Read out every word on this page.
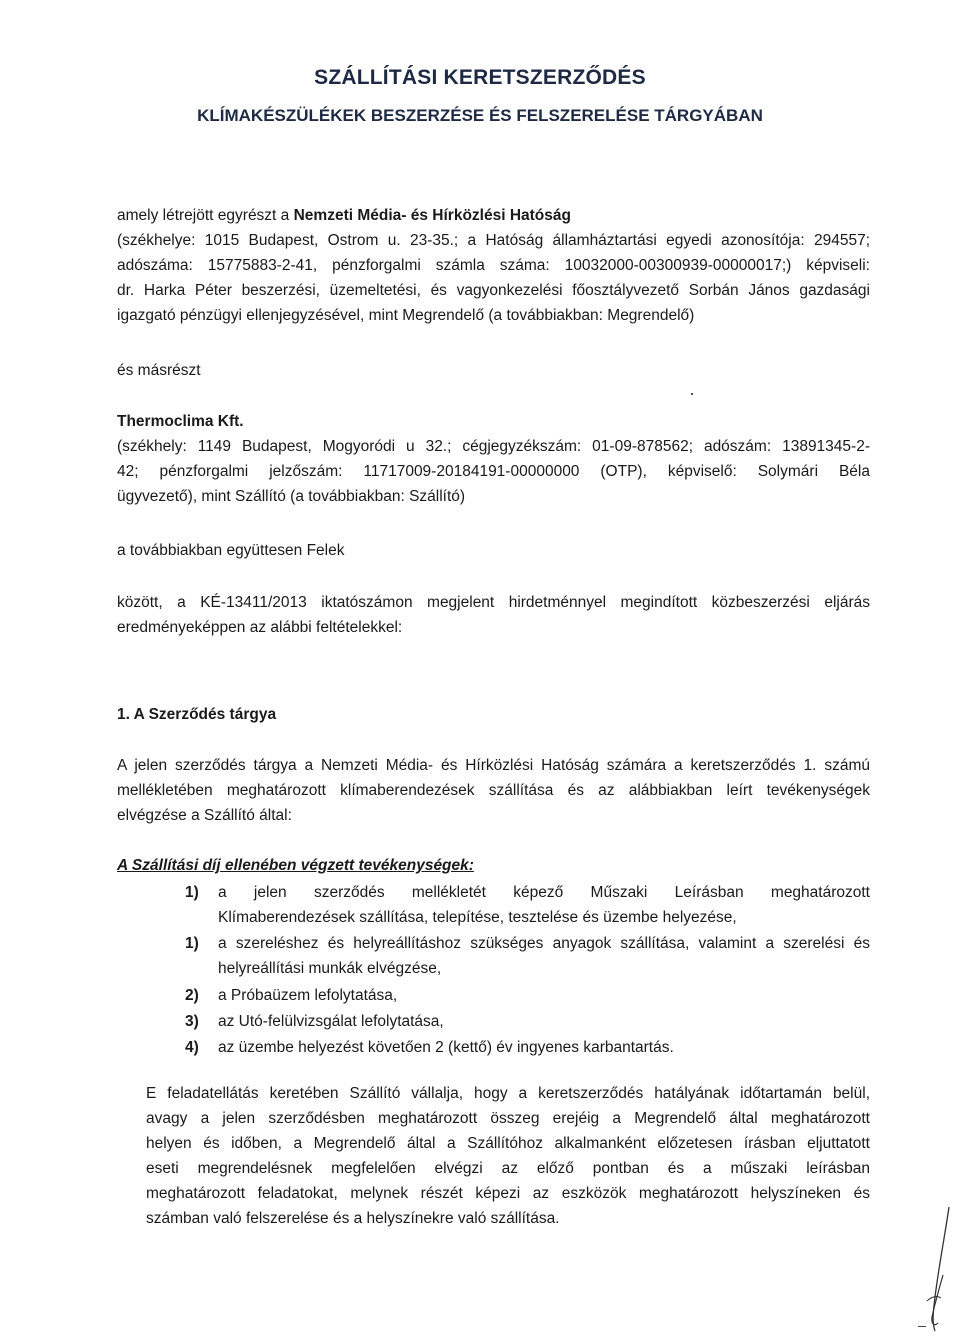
SZÁLLÍTÁSI KERETSZERZŐDÉS
KLÍMAKÉSZÜLÉKEK BESZERZÉSE ÉS FELSZERELÉSE TÁRGYÁBAN
amely létrejött egyrészt a Nemzeti Média- és Hírközlési Hatóság
(székhelye: 1015 Budapest, Ostrom u. 23-35.; a Hatóság államháztartási egyedi azonosítója: 294557;
adószáma: 15775883-2-41, pénzforgalmi számla száma: 10032000-00300939-00000017;) képviseli:
dr. Harka Péter beszerzési, üzemeltetési, és vagyonkezelési főosztályvezető Sorbán János gazdasági
igazgató pénzügyi ellenjegyzésével, mint Megrendelő (a továbbiakban: Megrendelő)
és másrészt
Thermoclima Kft.
(székhely: 1149 Budapest, Mogyoródi u 32.; cégjegyzékszám: 01-09-878562; adószám: 13891345-2-
42; pénzforgalmi jelzőszám: 11717009-20184191-00000000 (OTP), képviselő: Solymári Béla
ügyvezető), mint Szállító (a továbbiakban: Szállító)
a továbbiakban együttesen Felek
között, a KÉ-13411/2013 iktatószámon megjelent hirdetménnyel megindított közbeszerzési eljárás
eredményeképpen az alábbi feltételekkel:
1. A Szerződés tárgya
A jelen szerződés tárgya a Nemzeti Média- és Hírközlési Hatóság számára a keretszerződés 1. számú
mellékletében meghatározott klímaberendezések szállítása és az alábbiakban leírt tevékenységek
elvégzése a Szállító által:
A Szállítási díj ellenében végzett tevékenységek:
1)	a jelen szerződés mellékletét képező Műszaki Leírásban meghatározott
Klímaberendezések szállítása, telepítése, tesztelése és üzembe helyezése,
1)	a szereléshez és helyreállításhoz szükséges anyagok szállítása, valamint a szerelési és
helyreállítási munkák elvégzése,
2)	a Próbaüzem lefolytatása,
3)	az Utó-felülvizsgálat lefolytatása,
4)	az üzembe helyezést követően 2 (kettő) év ingyenes karbantartás.
E feladatellátás keretében Szállító vállalja, hogy a keretszerződés hatályának időtartamán belül,
avagy a jelen szerződésben meghatározott összeg erejéig a Megrendelő által meghatározott
helyen és időben, a Megrendelő által a Szállítóhoz alkalmanként előzetesen írásban eljuttatott
eseti megrendelésnek megfelelően elvégzi az előző pontban és a műszaki leírásban
meghatározott feladatokat, melynek részét képezi az eszközök meghatározott helyszíneken és
számban való felszerelése és a helyszínekre való szállítása.
